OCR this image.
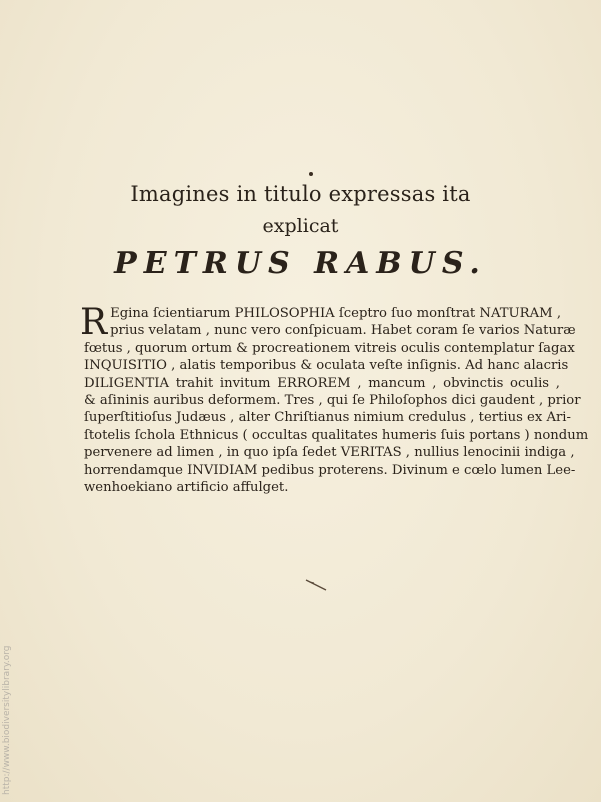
Imagines in titulo expressas ita
explicat
PETRUS RABUS.
R Egina ſcientiarum PHILOSOPHIA ſceptro ſuo monſtrat NATURAM ,
prius velatam , nunc vero conſpicuam. Habet coram ſe varios Naturæ
fœtus , quorum ortum & procreationem vitreis oculis contemplatur ſagax
INQUISITIO , alatis temporibus & oculata veſte inſignis. Ad hanc alacris
DILIGENTIA trahit invitum ERROREM , mancum , obvinctis oculis ,
& aſininis auribus deformem. Tres , qui ſe Philoſophos dici gaudent , prior
ſuperſtitioſus Judæus , alter Chriſtianus nimium credulus , tertius ex Ari-
ſtotelis ſchola Ethnicus ( occultas qualitates humeris ſuis portans ) nondum
pervenere ad limen , in quo ipſa ſedet VERITAS , nullius lenocinii indiga ,
horrendamque INVIDIAM pedibus proterens. Divinum e cœlo lumen Lee-
wenhoekiano artificio affulget.
http://www.biodiversitylibrary.org
